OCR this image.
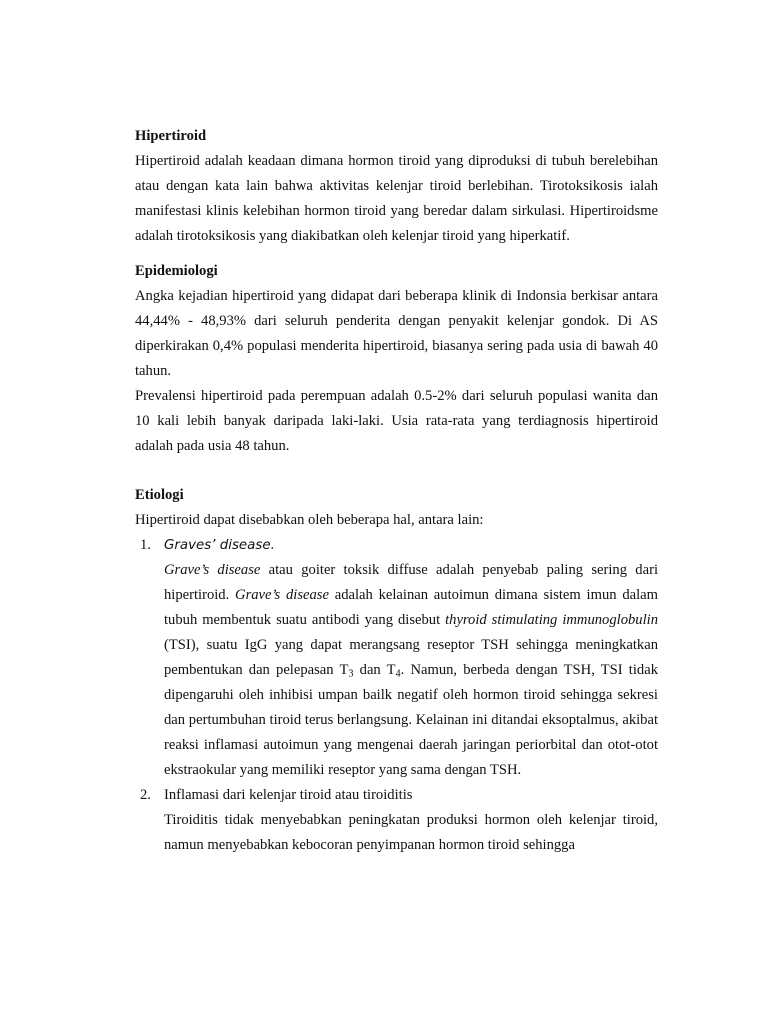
Hipertiroid

Hipertiroid adalah keadaan dimana hormon tiroid yang diproduksi di tubuh berelebihan atau dengan kata lain bahwa aktivitas kelenjar tiroid berlebihan. Tirotoksikosis ialah manifestasi klinis kelebihan hormon tiroid yang beredar dalam sirkulasi. Hipertiroidsme adalah tirotoksikosis yang diakibatkan oleh kelenjar tiroid yang hiperkatif.

Epidemiologi

Angka kejadian hipertiroid yang didapat dari beberapa klinik di Indonsia berkisar antara 44,44% - 48,93% dari seluruh penderita dengan penyakit kelenjar gondok. Di AS diperkirakan 0,4% populasi menderita hipertiroid, biasanya sering pada usia di bawah 40 tahun.

Prevalensi hipertiroid pada perempuan adalah 0.5-2% dari seluruh populasi wanita dan 10 kali lebih banyak daripada laki-laki. Usia rata-rata yang terdiagnosis hipertiroid adalah pada usia 48 tahun.

Etiologi

Hipertiroid dapat disebabkan oleh beberapa hal, antara lain:

1. Graves’ disease.

Grave’s disease atau goiter toksik diffuse adalah penyebab paling sering dari hipertiroid. Grave’s disease adalah kelainan autoimun dimana sistem imun dalam tubuh membentuk suatu antibodi yang disebut thyroid stimulating immunoglobulin (TSI), suatu IgG yang dapat merangsang reseptor TSH sehingga meningkatkan pembentukan dan pelepasan $T_3$ dan $T_4$. Namun, berbeda dengan TSH, TSI tidak dipengaruhi oleh inhibisi umpan bailk negatif oleh hormon tiroid sehingga sekresi dan pertumbuhan tiroid terus berlangsung. Kelainan ini ditandai eksoptalmus, akibat reaksi inflamasi autoimun yang mengenai daerah jaringan periorbital dan otot-otot ekstraokular yang memiliki reseptor yang sama dengan TSH.

2. Inflamasi dari kelenjar tiroid atau tiroiditis

Tiroiditis tidak menyebabkan peningkatan produksi hormon oleh kelenjar tiroid, namun menyebabkan kebocoran penyimpanan hormon tiroid sehingga
